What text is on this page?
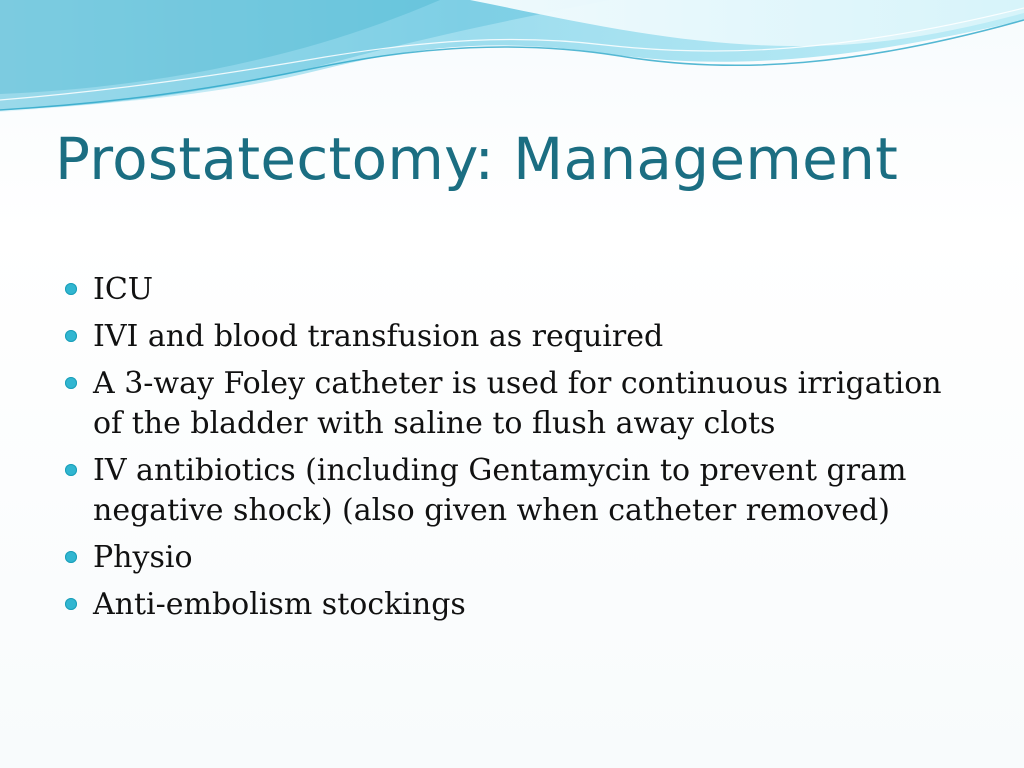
Prostatectomy: Management
ICU
IVI and blood transfusion as required
A 3-way Foley catheter is used for continuous irrigation of the bladder with saline to flush away clots
IV antibiotics (including Gentamycin to prevent gram negative shock) (also given when catheter removed)
Physio
Anti-embolism stockings
